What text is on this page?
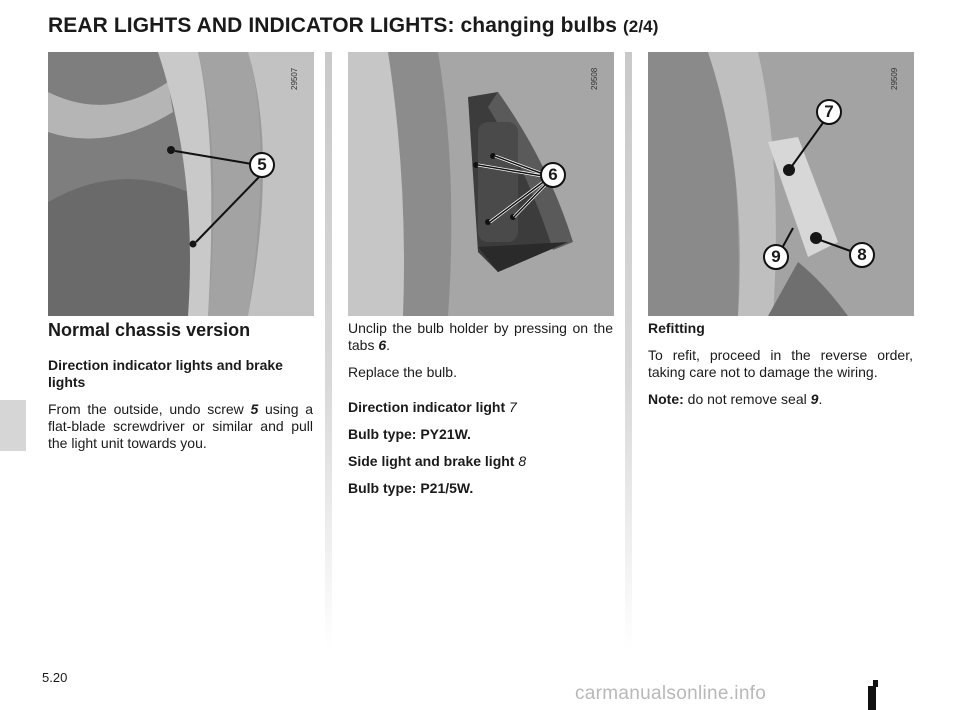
REAR LIGHTS AND INDICATOR LIGHTS: changing bulbs (2/4)
5
29507
6
29508
7
8
9
29509
Normal chassis version

Direction indicator lights and brake lights

From the outside, undo screw 5 using a flat-blade screwdriver or similar and pull the light unit towards you.

Unclip the bulb holder by pressing on the tabs 6.

Replace the bulb.

Direction indicator light 7

Bulb type: PY21W.

Side light and brake light 8

Bulb type: P21/5W.

Refitting

To refit, proceed in the reverse order, taking care not to damage the wiring.

Note: do not remove seal 9.

5.20
carmanualsonline.info
